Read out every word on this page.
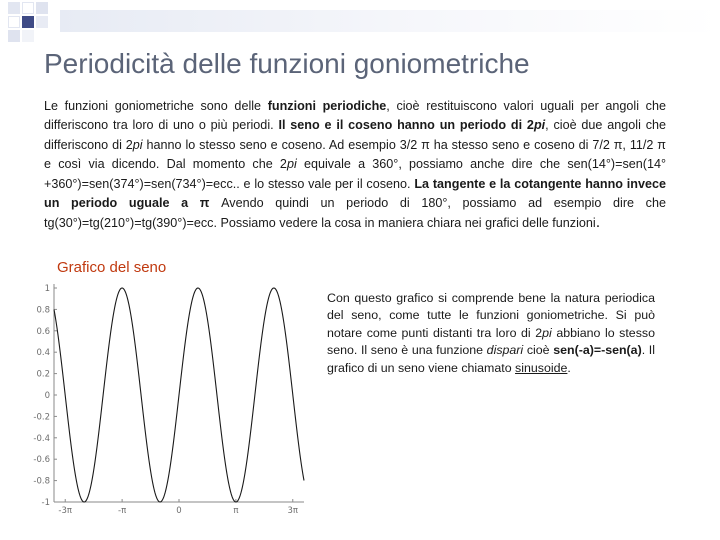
Periodicità delle funzioni goniometriche

Le funzioni goniometriche sono delle funzioni periodiche, cioè restituiscono valori uguali per angoli che differiscono tra loro di uno o più periodi. Il seno e il coseno hanno un periodo di 2pi, cioè due angoli che differiscono di 2pi hanno lo stesso seno e coseno. Ad esempio 3/2 π ha stesso seno e coseno di 7/2 π, 11/2 π e così via dicendo. Dal momento che 2pi equivale a 360°, possiamo anche dire che sen(14°)=sen(14°+360°)=sen(374°)=sen(734°)=ecc.. e lo stesso vale per il coseno. La tangente e la cotangente hanno invece un periodo uguale a π Avendo quindi un periodo di 180°, possiamo ad esempio dire che tg(30°)=tg(210°)=tg(390°)=ecc. Possiamo vedere la cosa in maniera chiara nei grafici delle funzioni.

Grafico del seno
1
0.8
0.6
0.4
0.2
0
-0.2
-0.4
-0.6
-0.8
-1
-3π	-π	0	π	3π

Con questo grafico si comprende bene la natura periodica del seno, come tutte le funzioni goniometriche. Si può notare come punti distanti tra loro di 2pi abbiano lo stesso seno. Il seno è una funzione dispari cioè sen(-a)=-sen(a). Il grafico di un seno viene chiamato sinusoide.
